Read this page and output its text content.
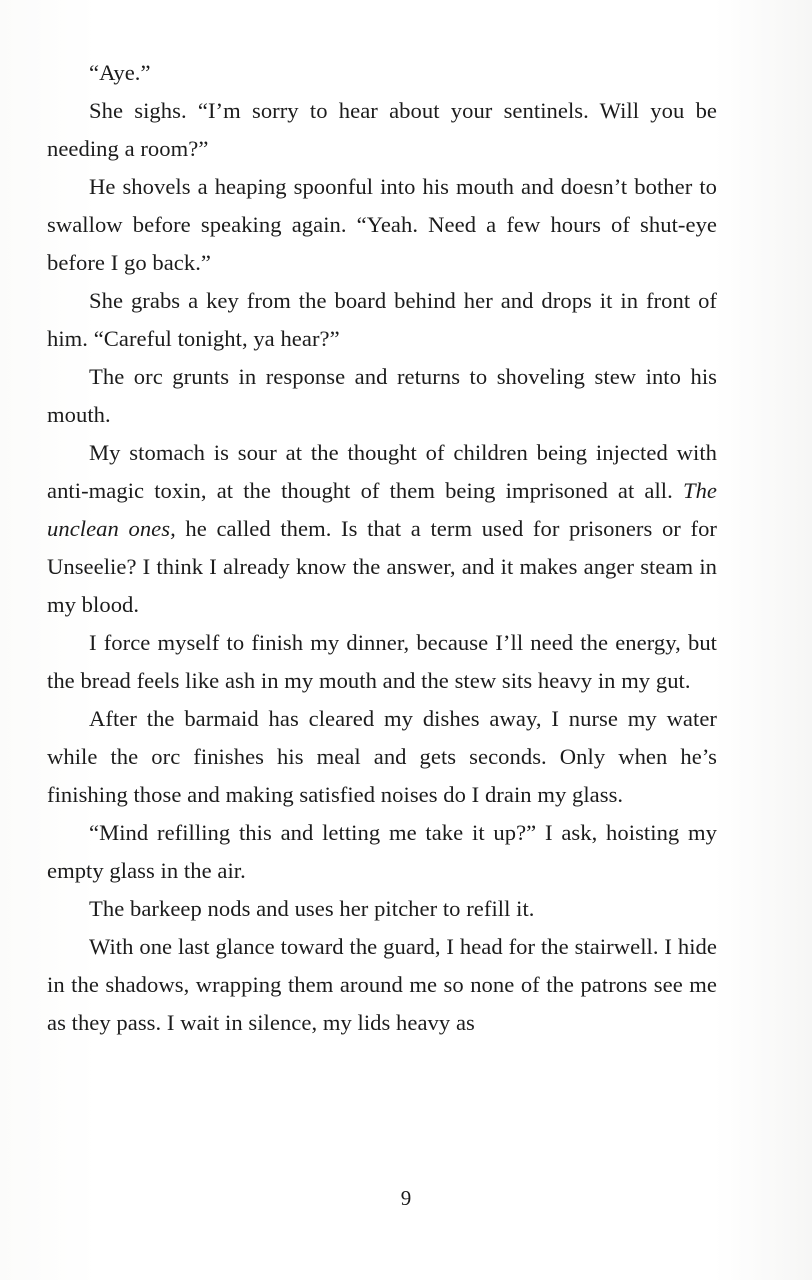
“Aye.”

She sighs. “I’m sorry to hear about your sentinels. Will you be needing a room?”

He shovels a heaping spoonful into his mouth and doesn’t bother to swallow before speaking again. “Yeah. Need a few hours of shut-eye before I go back.”

She grabs a key from the board behind her and drops it in front of him. “Careful tonight, ya hear?”

The orc grunts in response and returns to shoveling stew into his mouth.

My stomach is sour at the thought of children being injected with anti-magic toxin, at the thought of them being imprisoned at all. The unclean ones, he called them. Is that a term used for prisoners or for Unseelie? I think I already know the answer, and it makes anger steam in my blood.

I force myself to finish my dinner, because I’ll need the energy, but the bread feels like ash in my mouth and the stew sits heavy in my gut.

After the barmaid has cleared my dishes away, I nurse my water while the orc finishes his meal and gets seconds. Only when he’s finishing those and making satisfied noises do I drain my glass.

“Mind refilling this and letting me take it up?” I ask, hoisting my empty glass in the air.

The barkeep nods and uses her pitcher to refill it.

With one last glance toward the guard, I head for the stairwell. I hide in the shadows, wrapping them around me so none of the patrons see me as they pass. I wait in silence, my lids heavy as

9
